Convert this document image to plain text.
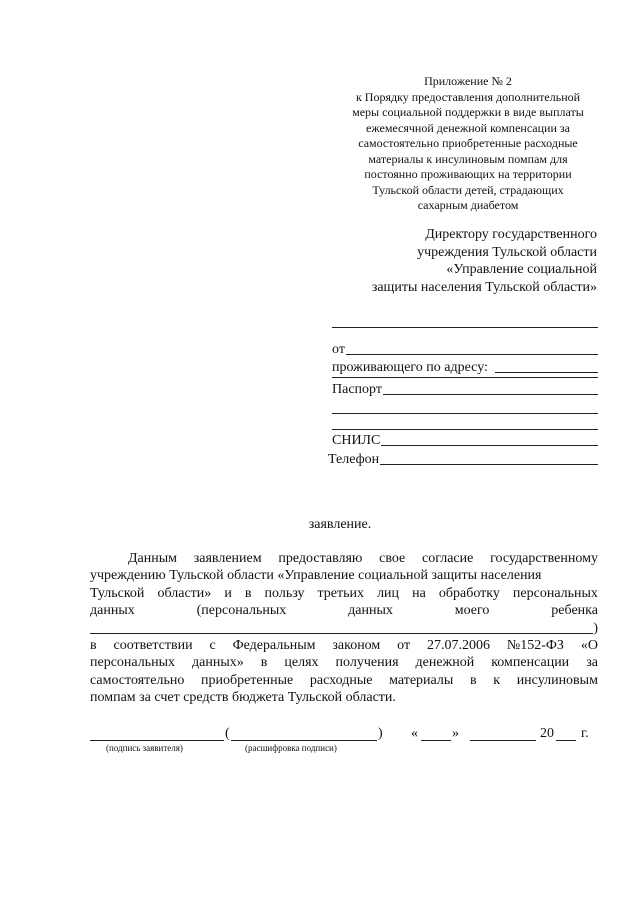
Приложение № 2
к Порядку предоставления дополнительной
меры социальной поддержки в виде выплаты
ежемесячной денежной компенсации за
самостоятельно приобретенные расходные
материалы к инсулиновым помпам для
постоянно проживающих на территории
Тульской области детей, страдающих
сахарным диабетом
Директору государственного
учреждения Тульской области
«Управление социальной
защиты населения Тульской области»
от
проживающего по адресу:
Паспорт
СНИЛС
Телефон
заявление.
Данным заявлением предоставляю свое согласие государственному
учреждению Тульской области «Управление социальной защиты населения
Тульской области» и в пользу третьих лиц на обработку персональных
данных	(персональных	данных	моего	ребенка
)
в соответствии с Федеральным законом от 27.07.2006 №152-ФЗ «О
персональных данных» в целях получения денежной компенсации за
самостоятельно приобретенные расходные материалы в к инсулиновым
помпам за счет средств бюджета Тульской области.
(	) « »	20 г.
(подпись заявителя)	(расшифровка подписи)
